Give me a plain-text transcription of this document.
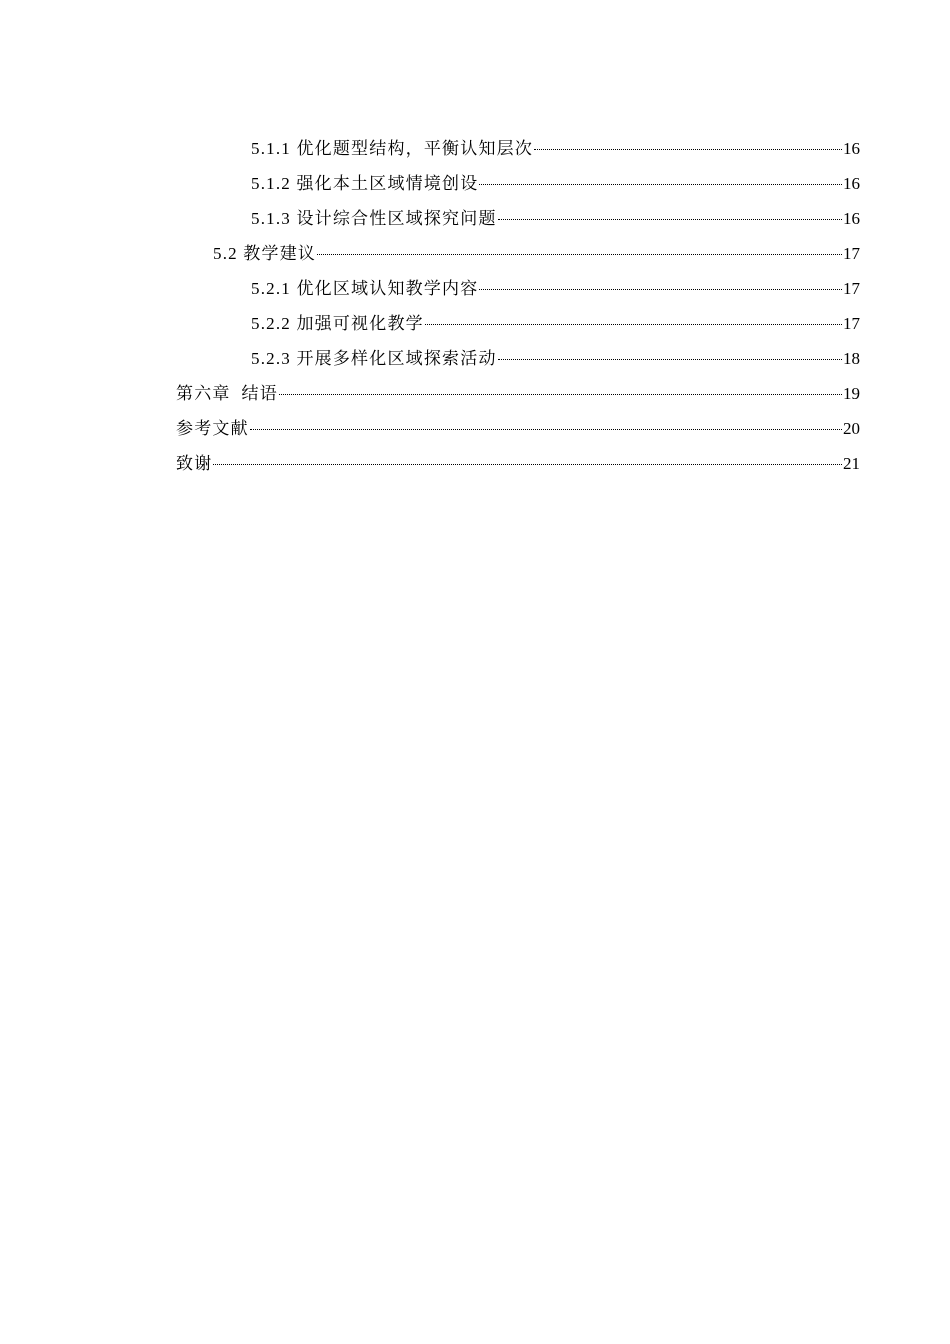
5.1.1 优化题型结构，平衡认知层次	16
5.1.2 强化本土区域情境创设	16
5.1.3 设计综合性区域探究问题	16
5.2 教学建议	17
5.2.1 优化区域认知教学内容	17
5.2.2 加强可视化教学	17
5.2.3 开展多样化区域探索活动	18
第六章  结语	19
参考文献	20
致谢	21
